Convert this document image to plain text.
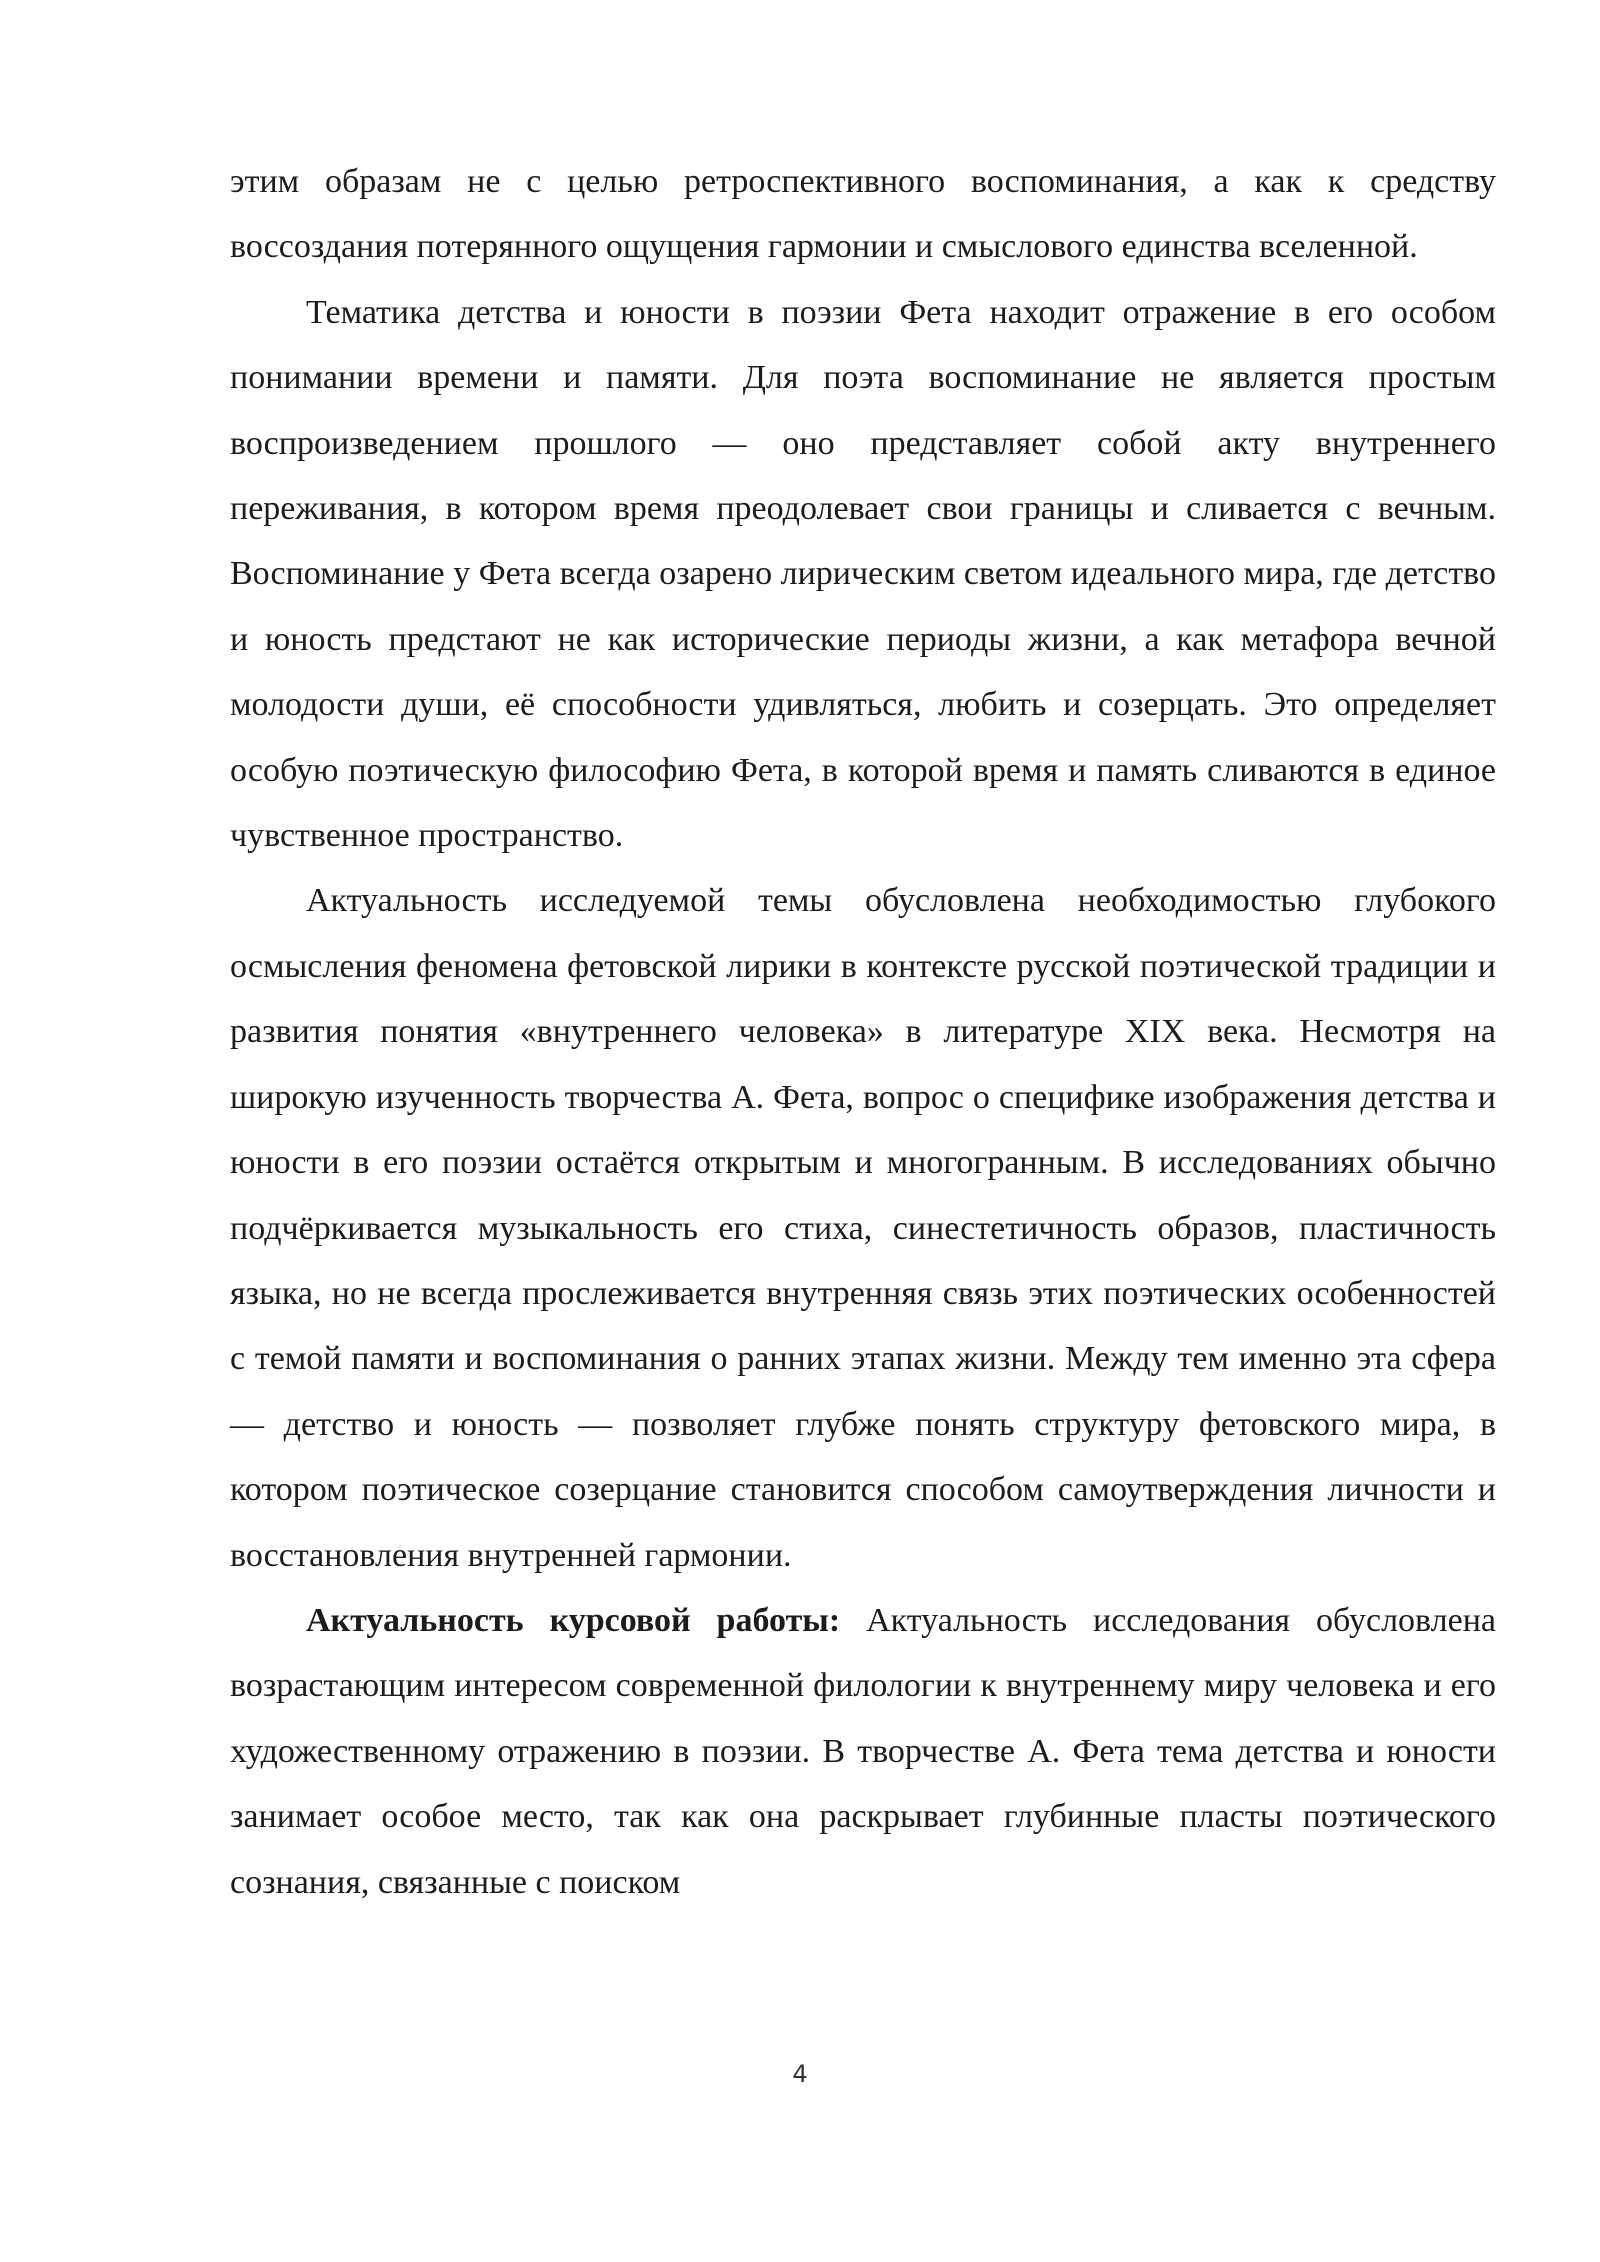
этим образам не с целью ретроспективного воспоминания, а как к средству воссоздания потерянного ощущения гармонии и смыслового единства вселенной.

Тематика детства и юности в поэзии Фета находит отражение в его особом понимании времени и памяти. Для поэта воспоминание не является простым воспроизведением прошлого — оно представляет собой акту внутреннего переживания, в котором время преодолевает свои границы и сливается с вечным. Воспоминание у Фета всегда озарено лирическим светом идеального мира, где детство и юность предстают не как исторические периоды жизни, а как метафора вечной молодости души, её способности удивляться, любить и созерцать. Это определяет особую поэтическую философию Фета, в которой время и память сливаются в единое чувственное пространство.

Актуальность исследуемой темы обусловлена необходимостью глубокого осмысления феномена фетовской лирики в контексте русской поэтической традиции и развития понятия «внутреннего человека» в литературе XIX века. Несмотря на широкую изученность творчества А. Фета, вопрос о специфике изображения детства и юности в его поэзии остаётся открытым и многогранным. В исследованиях обычно подчёркивается музыкальность его стиха, синестетичность образов, пластичность языка, но не всегда прослеживается внутренняя связь этих поэтических особенностей с темой памяти и воспоминания о ранних этапах жизни. Между тем именно эта сфера — детство и юность — позволяет глубже понять структуру фетовского мира, в котором поэтическое созерцание становится способом самоутверждения личности и восстановления внутренней гармонии.

Актуальность курсовой работы: Актуальность исследования обусловлена возрастающим интересом современной филологии к внутреннему миру человека и его художественному отражению в поэзии. В творчестве А. Фета тема детства и юности занимает особое место, так как она раскрывает глубинные пласты поэтического сознания, связанные с поиском

4
